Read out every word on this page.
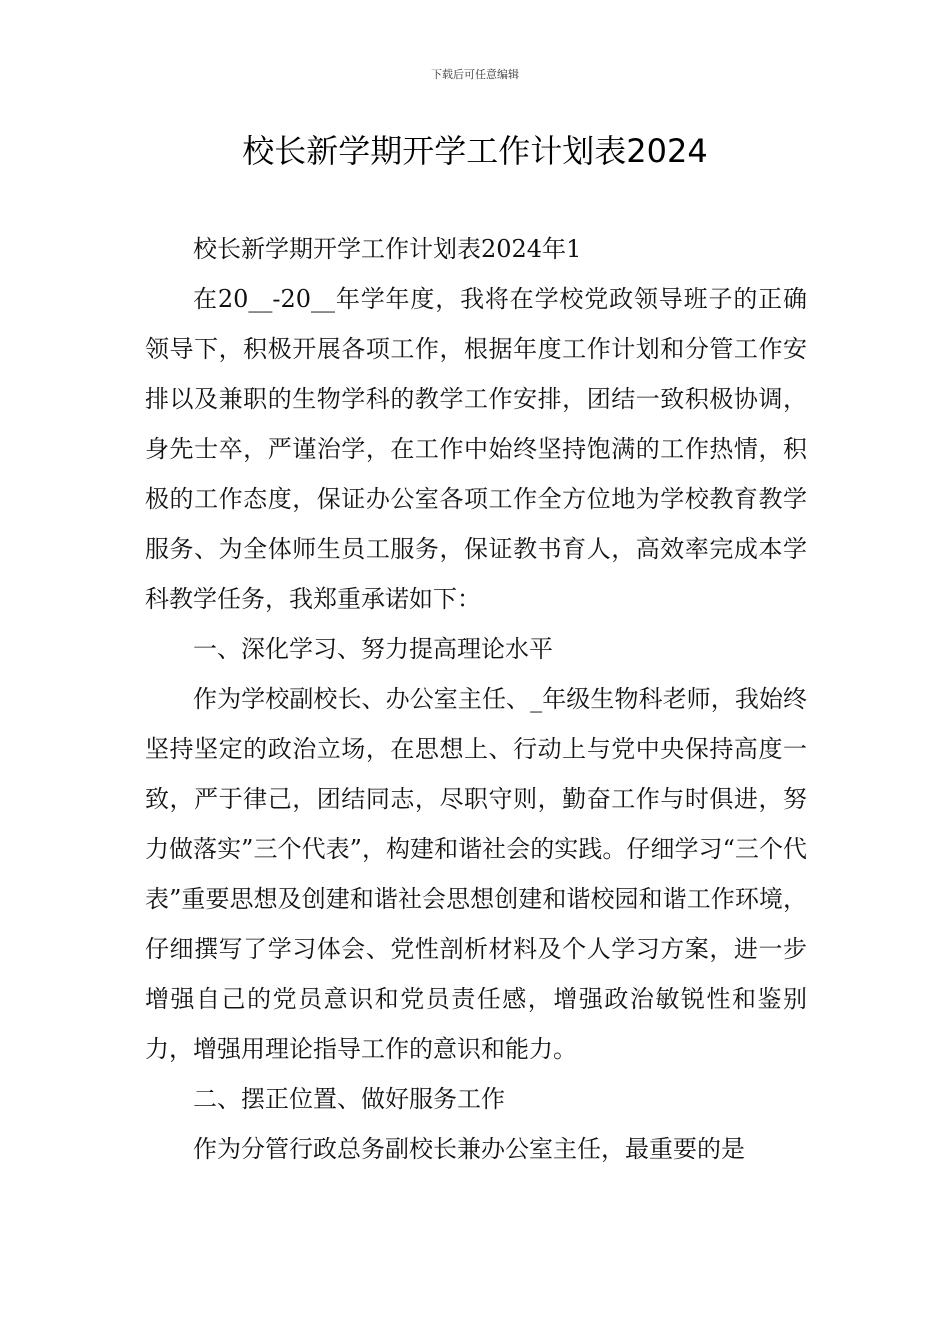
下载后可任意编辑
校长新学期开学工作计划表2024

校长新学期开学工作计划表2024年1

在20__-20__年学年度，我将在学校党政领导班子的正确领导下，积极开展各项工作，根据年度工作计划和分管工作安排以及兼职的生物学科的教学工作安排，团结一致积极协调，身先士卒，严谨治学，在工作中始终坚持饱满的工作热情，积极的工作态度，保证办公室各项工作全方位地为学校教育教学服务、为全体师生员工服务，保证教书育人，高效率完成本学科教学任务，我郑重承诺如下：

一、深化学习、努力提高理论水平

作为学校副校长、办公室主任、_年级生物科老师，我始终坚持坚定的政治立场，在思想上、行动上与党中央保持高度一致，严于律己，团结同志，尽职守则，勤奋工作与时俱进，努力做落实”三个代表”，构建和谐社会的实践。仔细学习“三个代表”重要思想及创建和谐社会思想创建和谐校园和谐工作环境，仔细撰写了学习体会、党性剖析材料及个人学习方案，进一步增强自己的党员意识和党员责任感，增强政治敏锐性和鉴别力，增强用理论指导工作的意识和能力。

二、摆正位置、做好服务工作

作为分管行政总务副校长兼办公室主任，最重要的是
